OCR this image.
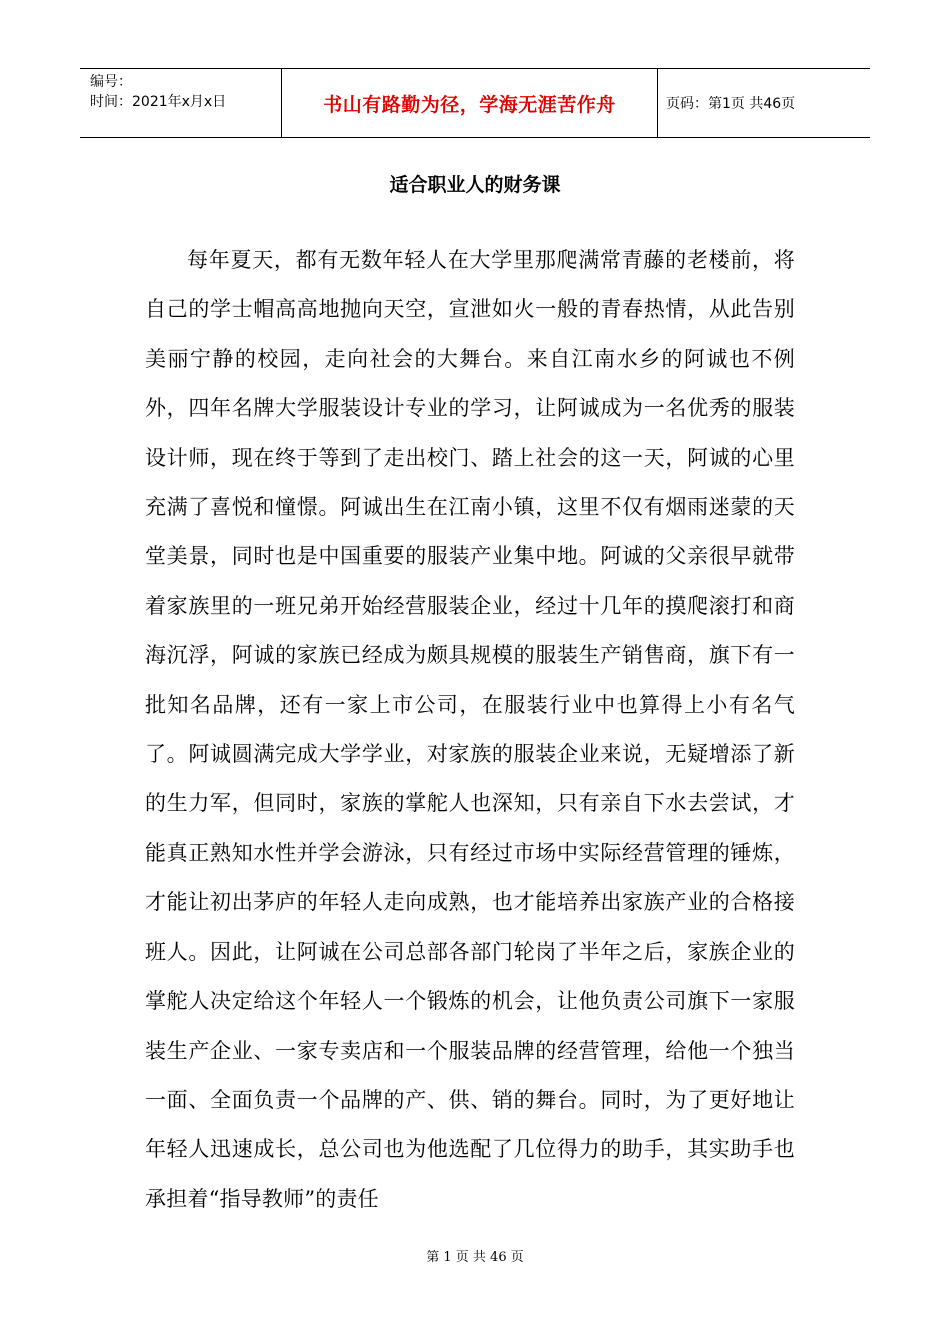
编号：
时间：2021年x月x日	书山有路勤为径，学海无涯苦作舟	页码：第1页 共46页
适合职业人的财务课
每年夏天，都有无数年轻人在大学里那爬满常青藤的老楼前，将自己的学士帽高高地抛向天空，宣泄如火一般的青春热情，从此告别美丽宁静的校园，走向社会的大舞台。来自江南水乡的阿诚也不例外，四年名牌大学服装设计专业的学习，让阿诚成为一名优秀的服装设计师，现在终于等到了走出校门、踏上社会的这一天，阿诚的心里充满了喜悦和憧憬。阿诚出生在江南小镇，这里不仅有烟雨迷蒙的天堂美景，同时也是中国重要的服装产业集中地。阿诚的父亲很早就带着家族里的一班兄弟开始经营服装企业，经过十几年的摸爬滚打和商海沉浮，阿诚的家族已经成为颇具规模的服装生产销售商，旗下有一批知名品牌，还有一家上市公司，在服装行业中也算得上小有名气了。阿诚圆满完成大学学业，对家族的服装企业来说，无疑增添了新的生力军，但同时，家族的掌舵人也深知，只有亲自下水去尝试，才能真正熟知水性并学会游泳，只有经过市场中实际经营管理的锤炼，才能让初出茅庐的年轻人走向成熟，也才能培养出家族产业的合格接班人。因此，让阿诚在公司总部各部门轮岗了半年之后，家族企业的掌舵人决定给这个年轻人一个锻炼的机会，让他负责公司旗下一家服装生产企业、一家专卖店和一个服装品牌的经营管理，给他一个独当一面、全面负责一个品牌的产、供、销的舞台。同时，为了更好地让年轻人迅速成长，总公司也为他选配了几位得力的助手，其实助手也承担着“指导教师”的责任
第 1 页 共 46 页
